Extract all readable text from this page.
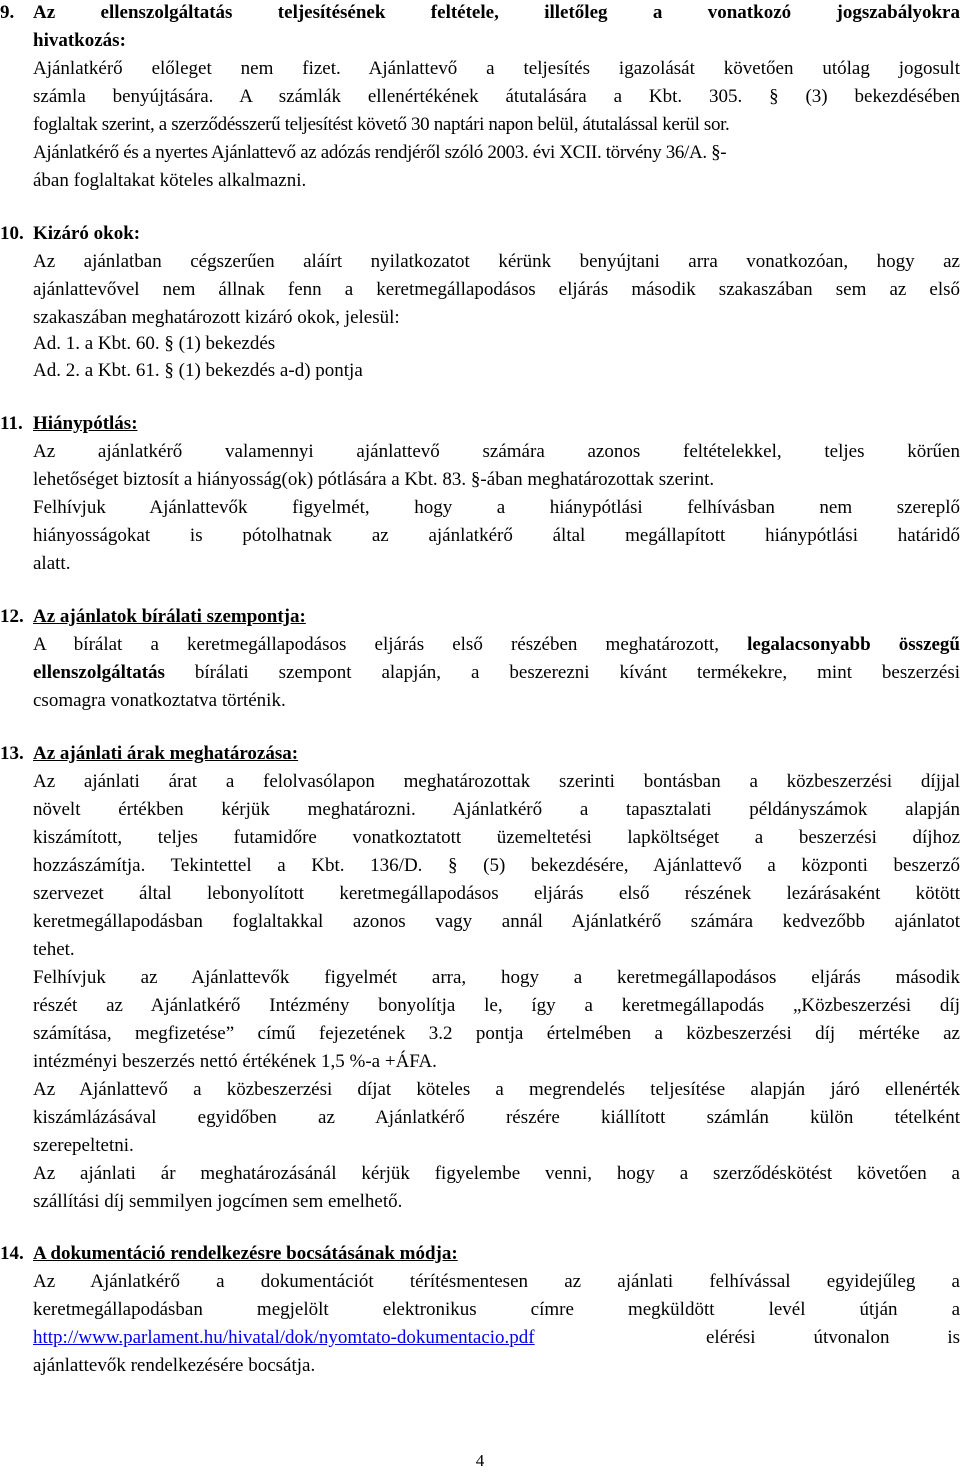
9. Az ellenszolgáltatás teljesítésének feltétele, illetőleg a vonatkozó jogszabályokra
hivatkozás:
Ajánlatkérő előleget nem fizet. Ajánlattevő a teljesítés igazolását követően utólag jogosult
számla benyújtására. A számlák ellenértékének átutalására a Kbt. 305. § (3) bekezdésében
foglaltak szerint, a szerződésszerű teljesítést követő 30 naptári napon belül, átutalással kerül sor.
Ajánlatkérő és a nyertes Ajánlattevő az adózás rendjéről szóló 2003. évi XCII. törvény 36/A. §-
ában foglaltakat köteles alkalmazni.
10. Kizáró okok:
Az ajánlatban cégszerűen aláírt nyilatkozatot kérünk benyújtani arra vonatkozóan, hogy az
ajánlattevővel nem állnak fenn a keretmegállapodásos eljárás második szakaszában sem az első
szakaszában meghatározott kizáró okok, jelesül:
Ad. 1. a Kbt. 60. § (1) bekezdés
Ad. 2. a Kbt. 61. § (1) bekezdés a-d) pontja
11. Hiánypótlás:
Az ajánlatkérő valamennyi ajánlattevő számára azonos feltételekkel, teljes körűen
lehetőséget biztosít a hiányosság(ok) pótlására a Kbt. 83. §-ában meghatározottak szerint.
Felhívjuk Ajánlattevők figyelmét, hogy a hiánypótlási felhívásban nem szereplő
hiányosságokat is pótolhatnak az ajánlatkérő által megállapított hiánypótlási határidő
alatt.
12. Az ajánlatok bírálati szempontja:
A bírálat a keretmegállapodásos eljárás első részében meghatározott, legalacsonyabb összegű
ellenszolgáltatás bírálati szempont alapján, a beszerezni kívánt termékekre, mint beszerzési
csomagra vonatkoztatva történik.
13. Az ajánlati árak meghatározása:
Az ajánlati árat a felolvasólapon meghatározottak szerinti bontásban a közbeszerzési díjjal
növelt értékben kérjük meghatározni. Ajánlatkérő a tapasztalati példányszámok alapján
kiszámított, teljes futamidőre vonatkoztatott üzemeltetési lapköltséget a beszerzési díjhoz
hozzászámítja. Tekintettel a Kbt. 136/D. § (5) bekezdésére, Ajánlattevő a központi beszerző
szervezet által lebonyolított keretmegállapodásos eljárás első részének lezárásaként kötött
keretmegállapodásban foglaltakkal azonos vagy annál Ajánlatkérő számára kedvezőbb ajánlatot
tehet.
Felhívjuk az Ajánlattevők figyelmét arra, hogy a keretmegállapodásos eljárás második
részét az Ajánlatkérő Intézmény bonyolítja le, így a keretmegállapodás „Közbeszerzési díj
számítása, megfizetése” című fejezetének 3.2 pontja értelmében a közbeszerzési díj mértéke az
intézményi beszerzés nettó értékének 1,5 %-a +ÁFA.
Az Ajánlattevő a közbeszerzési díjat köteles a megrendelés teljesítése alapján járó ellenérték
kiszámlázásával egyidőben az Ajánlatkérő részére kiállított számlán külön tételként
szerepeltetni.
Az ajánlati ár meghatározásánál kérjük figyelembe venni, hogy a szerződéskötést követően a
szállítási díj semmilyen jogcímen sem emelhető.
14. A dokumentáció rendelkezésre bocsátásának módja:
Az Ajánlatkérő a dokumentációt térítésmentesen az ajánlati felhívással egyidejűleg a
keretmegállapodásban megjelölt elektronikus címre megküldött levél útján a
http://www.parlament.hu/hivatal/dok/nyomtato-dokumentacio.pdf	elérési útvonalon is
ajánlattevők rendelkezésére bocsátja.
4
